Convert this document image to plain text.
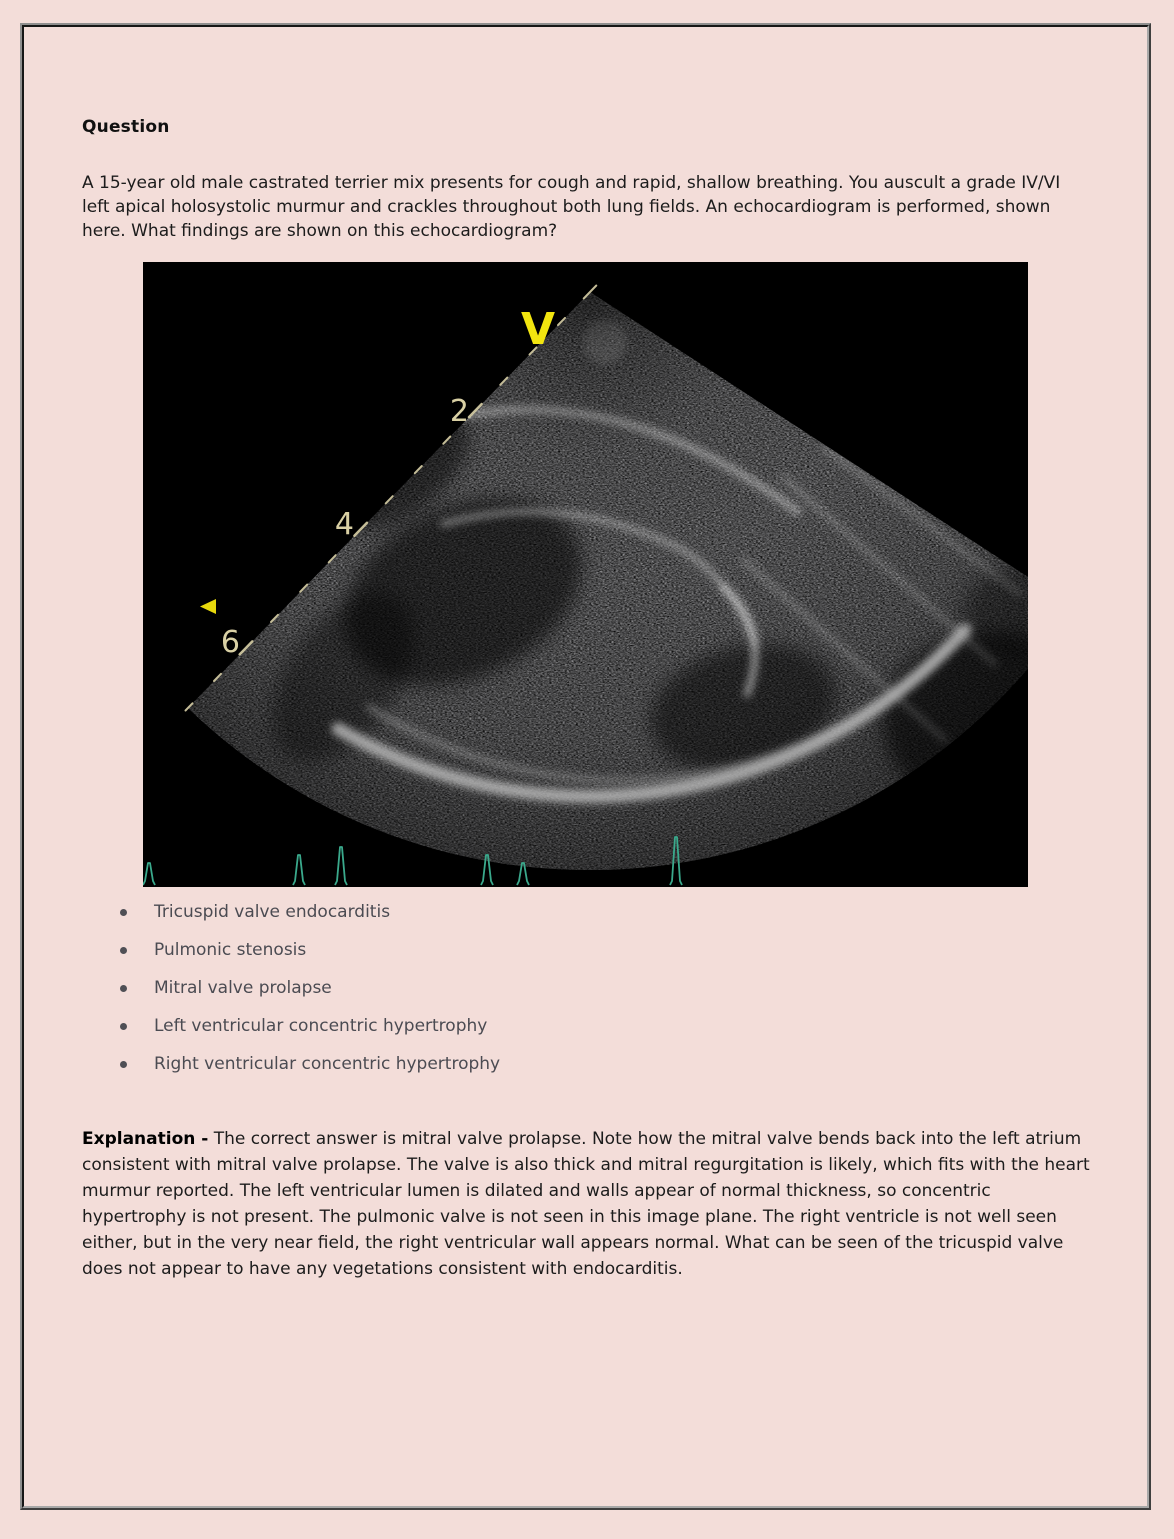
Question

A 15-year old male castrated terrier mix presents for cough and rapid, shallow breathing. You auscult a grade IV/VI left apical holosystolic murmur and crackles throughout both lung fields. An echocardiogram is performed, shown here. What findings are shown on this echocardiogram?

2
4
6
V
Tricuspid valve endocarditis
Pulmonic stenosis
Mitral valve prolapse
Left ventricular concentric hypertrophy
Right ventricular concentric hypertrophy

Explanation - The correct answer is mitral valve prolapse. Note how the mitral valve bends back into the left atrium consistent with mitral valve prolapse. The valve is also thick and mitral regurgitation is likely, which fits with the heart murmur reported. The left ventricular lumen is dilated and walls appear of normal thickness, so concentric hypertrophy is not present. The pulmonic valve is not seen in this image plane. The right ventricle is not well seen either, but in the very near field, the right ventricular wall appears normal. What can be seen of the tricuspid valve does not appear to have any vegetations consistent with endocarditis.
